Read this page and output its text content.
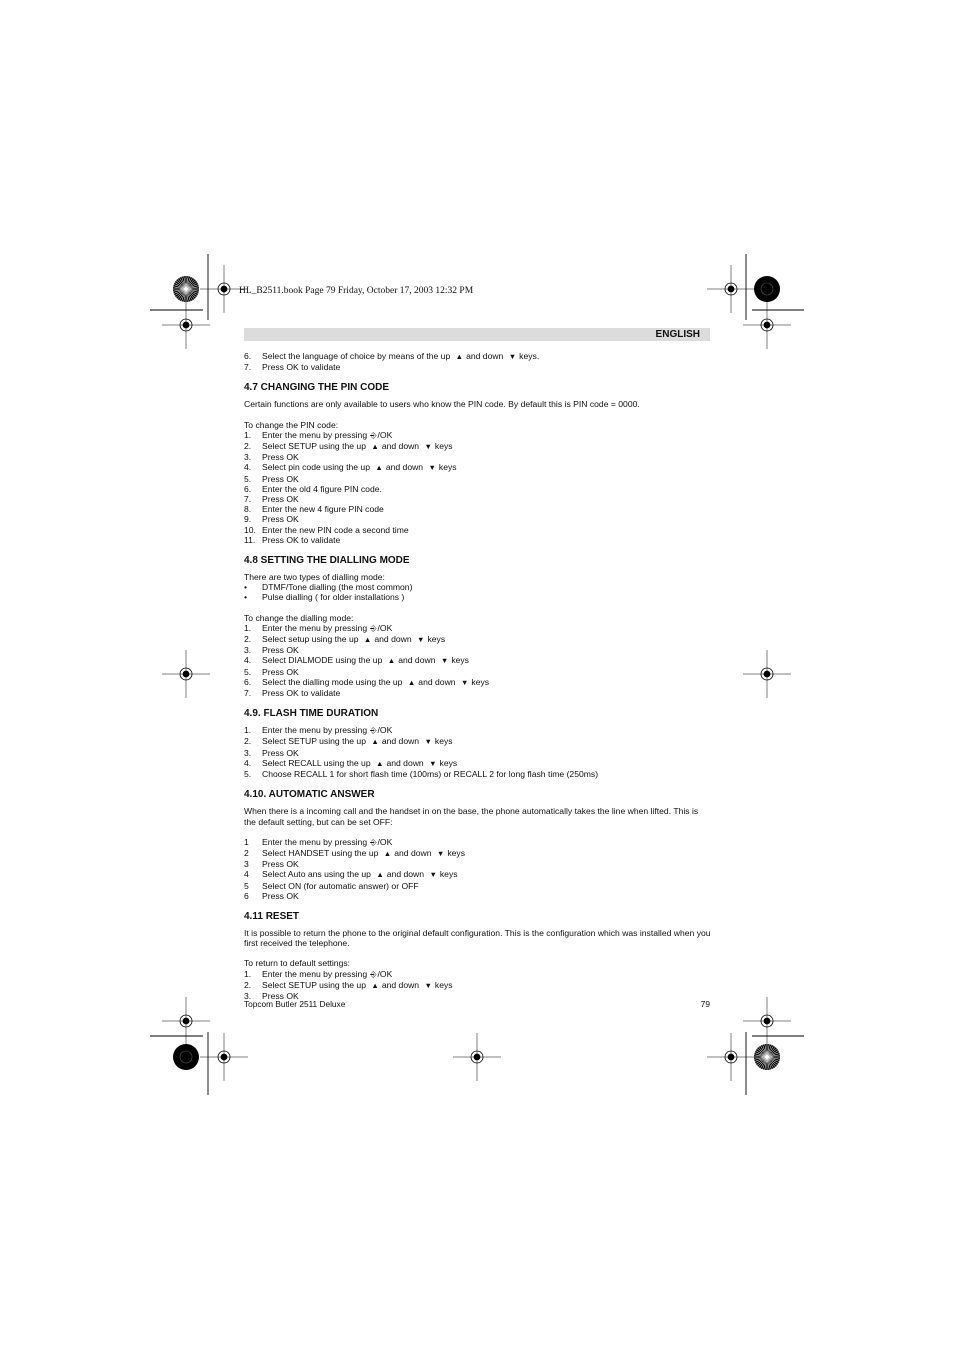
HL_B2511.book Page 79 Friday, October 17, 2003 12:32 PM
ENGLISH
6.	Select the language of choice by means of the up ▲ and down ▼ keys.
7.	Press OK to validate
4.7 CHANGING THE PIN CODE

Certain functions are only available to users who know the PIN code. By default this is PIN code = 0000.

To change the PIN code:

1.	Enter the menu by pressing ⎆/OK
2.	Select SETUP using the up ▲ and down ▼ keys
3.	Press OK
4.	Select pin code using the up ▲ and down ▼ keys
5.	Press OK
6.	Enter the old 4 figure PIN code.
7.	Press OK
8.	Enter the new 4 figure PIN code
9.	Press OK
10. Enter the new PIN code a second time
11. Press OK to validate
4.8 SETTING THE DIALLING MODE

There are two types of dialling mode:

•	DTMF/Tone dialling (the most common)
•	Pulse dialling ( for older installations )

To change the dialling mode:

1.	Enter the menu by pressing ⎆/OK
2.	Select setup using the up ▲ and down ▼ keys
3.	Press OK
4.	Select DIALMODE using the up ▲ and down ▼ keys
5.	Press OK
6.	Select the dialling mode using the up ▲ and down ▼ keys
7.	Press OK to validate
4.9. FLASH TIME DURATION
1.	Enter the menu by pressing ⎆/OK
2.	Select SETUP using the up ▲ and down ▼ keys
3.	Press OK
4.	Select RECALL using the up ▲ and down ▼ keys
5.	Choose RECALL 1 for short flash time (100ms) or RECALL 2 for long flash time (250ms)
4.10. AUTOMATIC ANSWER

When there is a incoming call and the handset in on the base, the phone automatically takes the line when lifted. This is the default setting, but can be set OFF:

1	Enter the menu by pressing ⎆/OK
2	Select HANDSET using the up ▲ and down ▼ keys
3	Press OK
4	Select Auto ans using the up ▲ and down ▼ keys
5	Select ON (for automatic answer) or OFF
6	Press OK
4.11 RESET

It is possible to return the phone to the original default configuration. This is the configuration which was installed when you first received the telephone.

To return to default settings:

1.	Enter the menu by pressing ⎆/OK
2.	Select SETUP using the up ▲ and down ▼ keys
3.	Press OK
Topcom Butler 2511 Deluxe	79
